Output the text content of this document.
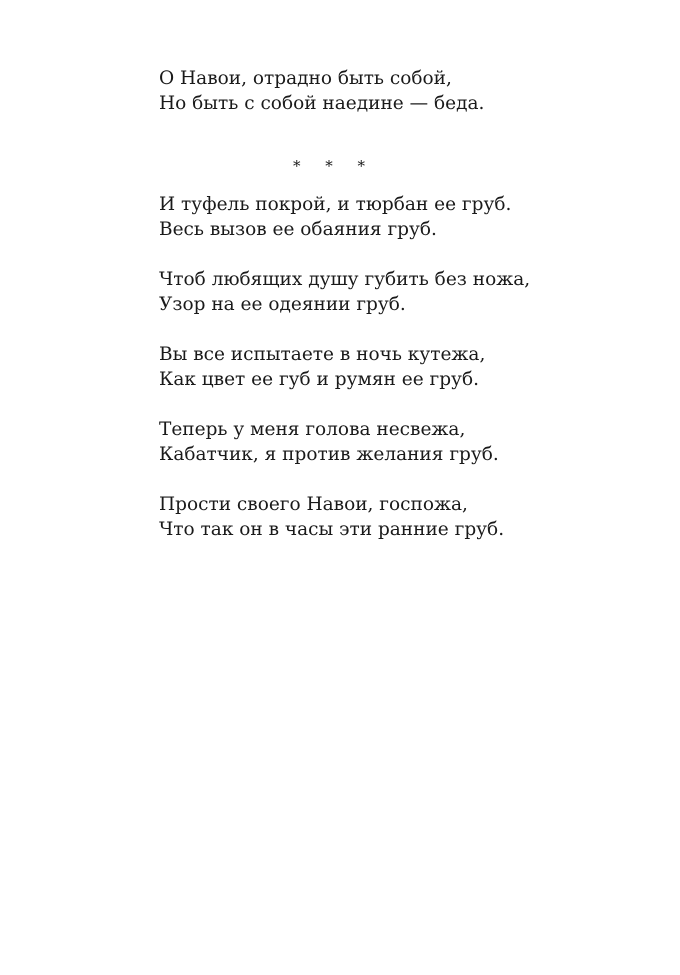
О Навои, отрадно быть собой,
Но быть с собой наедине — беда.
* * *
И туфель покрой, и тюрбан ее груб.
Весь вызов ее обаяния груб.
Чтоб любящих душу губить без ножа,
Узор на ее одеянии груб.
Вы все испытаете в ночь кутежа,
Как цвет ее губ и румян ее груб.
Теперь у меня голова несвежа,
Кабатчик, я против желания груб.
Прости своего Навои, госпожа,
Что так он в часы эти ранние груб.
